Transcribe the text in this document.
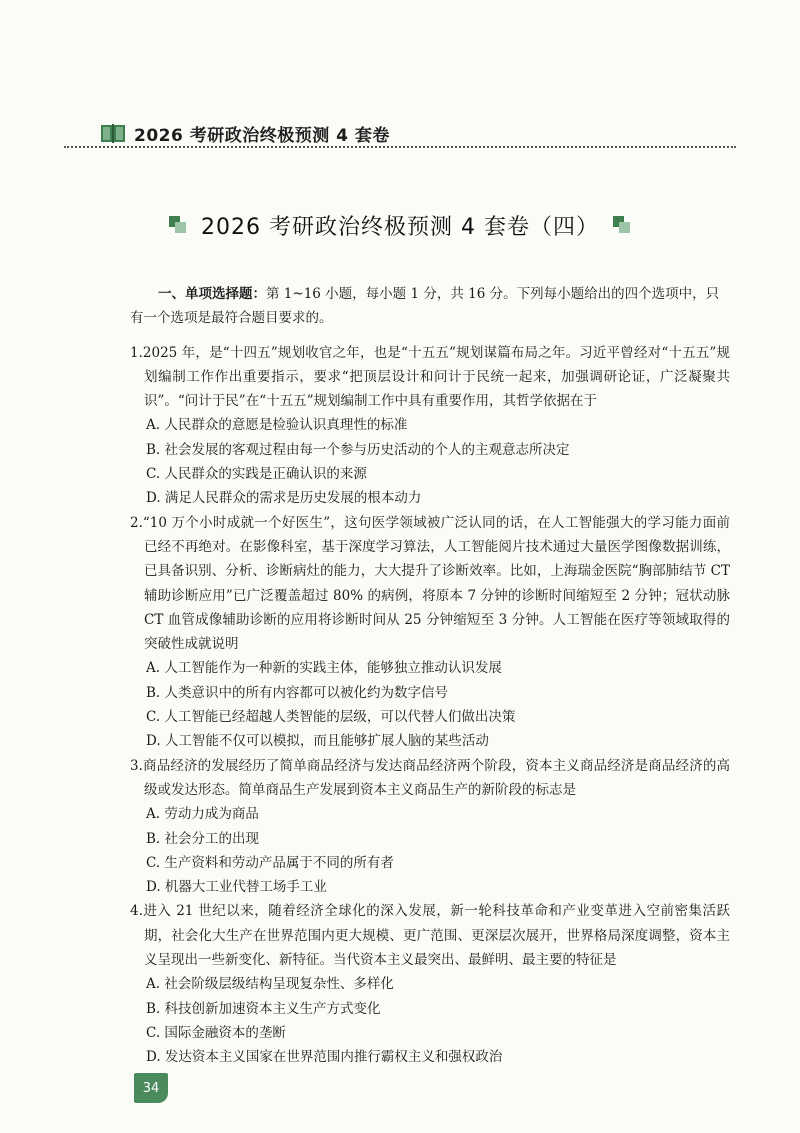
2026 考研政治终极预测 4 套卷
2026 考研政治终极预测 4 套卷（四）

一、单项选择题：第 1~16 小题，每小题 1 分，共 16 分。下列每小题给出的四个选项中，只有一个选项是最符合题目要求的。

1.2025 年，是“十四五”规划收官之年，也是“十五五”规划谋篇布局之年。习近平曾经对“十五五”规划编制工作作出重要指示，要求“把顶层设计和问计于民统一起来，加强调研论证，广泛凝聚共识”。“问计于民”在“十五五”规划编制工作中具有重要作用，其哲学依据在于

A. 人民群众的意愿是检验认识真理性的标准

B. 社会发展的客观过程由每一个参与历史活动的个人的主观意志所决定

C. 人民群众的实践是正确认识的来源

D. 满足人民群众的需求是历史发展的根本动力

2.“10 万个小时成就一个好医生”，这句医学领域被广泛认同的话，在人工智能强大的学习能力面前已经不再绝对。在影像科室，基于深度学习算法，人工智能阅片技术通过大量医学图像数据训练，已具备识别、分析、诊断病灶的能力，大大提升了诊断效率。比如，上海瑞金医院“胸部肺结节 CT 辅助诊断应用”已广泛覆盖超过 80% 的病例，将原本 7 分钟的诊断时间缩短至 2 分钟；冠状动脉 CT 血管成像辅助诊断的应用将诊断时间从 25 分钟缩短至 3 分钟。人工智能在医疗等领域取得的突破性成就说明

A. 人工智能作为一种新的实践主体，能够独立推动认识发展

B. 人类意识中的所有内容都可以被化约为数字信号

C. 人工智能已经超越人类智能的层级，可以代替人们做出决策

D. 人工智能不仅可以模拟，而且能够扩展人脑的某些活动

3.商品经济的发展经历了简单商品经济与发达商品经济两个阶段，资本主义商品经济是商品经济的高级或发达形态。简单商品生产发展到资本主义商品生产的新阶段的标志是

A. 劳动力成为商品

B. 社会分工的出现

C. 生产资料和劳动产品属于不同的所有者

D. 机器大工业代替工场手工业

4.进入 21 世纪以来，随着经济全球化的深入发展，新一轮科技革命和产业变革进入空前密集活跃期，社会化大生产在世界范围内更大规模、更广范围、更深层次展开，世界格局深度调整，资本主义呈现出一些新变化、新特征。当代资本主义最突出、最鲜明、最主要的特征是

A. 社会阶级层级结构呈现复杂性、多样化

B. 科技创新加速资本主义生产方式变化

C. 国际金融资本的垄断

D. 发达资本主义国家在世界范围内推行霸权主义和强权政治

34
